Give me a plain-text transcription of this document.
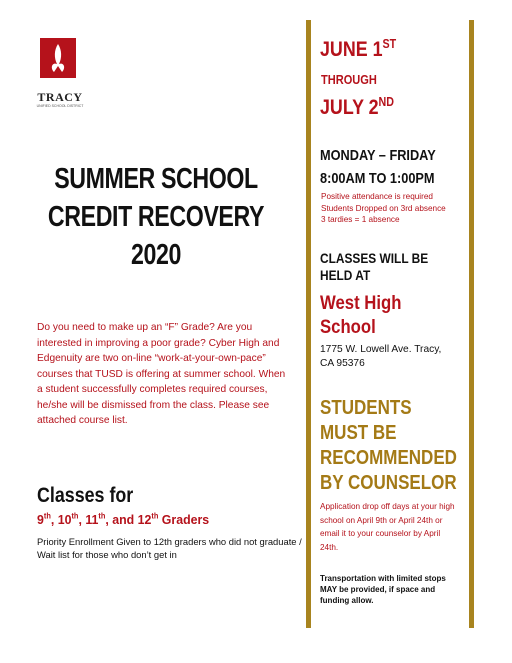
TRACY
UNIFIED SCHOOL DISTRICT
SUMMER SCHOOL
CREDIT RECOVERY
2020
Do you need to make up an “F” Grade? Are you interested in improving a poor grade? Cyber High and Edgenuity are two on-line “work-at-your-own-pace” courses that TUSD is offering at summer school. When a student successfully completes required courses, he/she will be dismissed from the class. Please see attached course list.
Classes for
9th, 10th, 11th, and 12th Graders
Priority Enrollment Given to 12th graders who did not graduate / Wait list for those who don’t get in
JUNE 1ST
THROUGH
JULY 2ND
MONDAY – FRIDAY
8:00AM TO 1:00PM
Positive attendance is required
Students Dropped on 3rd absence
3 tardies = 1 absence
CLASSES WILL BE
HELD AT
West High
School
1775 W. Lowell Ave. Tracy,
CA 95376
STUDENTS
MUST BE
RECOMMENDED
BY COUNSELOR
Application drop off days at your high school on April 9th or April 24th or email it to your counselor by April 24th.
Transportation with limited stops MAY be provided, if space and funding allow.
